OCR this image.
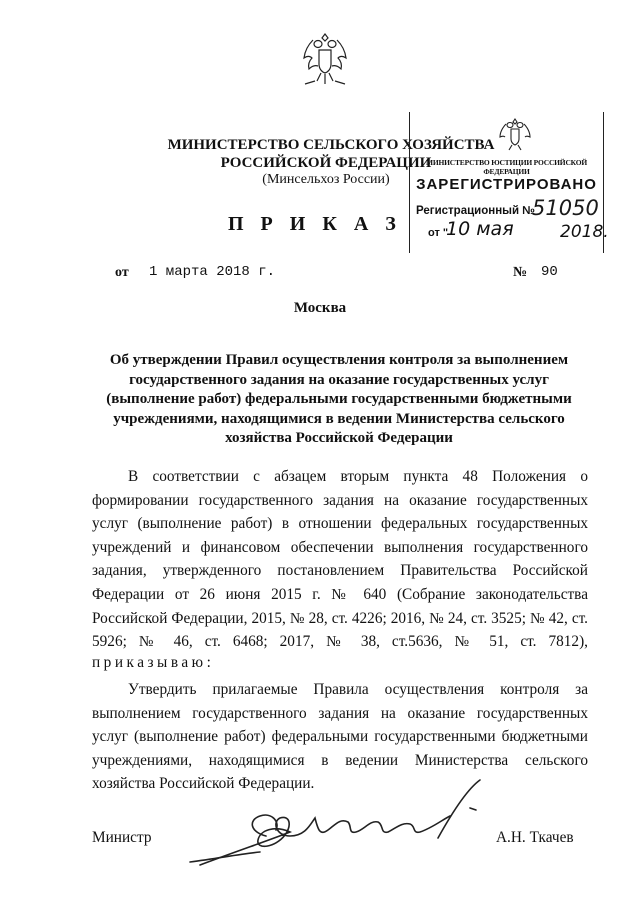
МИНИСТЕРСТВО СЕЛЬСКОГО ХОЗЯЙСТВА
РОССИЙСКОЙ ФЕДЕРАЦИИ
(Минсельхоз России)
МИНИСТЕРСТВО ЮСТИЦИИ РОССИЙСКОЙ ФЕДЕРАЦИИ
ЗАРЕГИСТРИРОВАНО
Регистрационный №
51050
от "
10 мая	2018.
П Р И К А З
от 1 марта 2018 г.	№ 90
Москва
Об утверждении Правил осуществления контроля за выполнением государственного задания на оказание государственных услуг (выполнение работ) федеральными государственными бюджетными учреждениями, находящимися в ведении Министерства сельского хозяйства Российской Федерации
В соответствии с абзацем вторым пункта 48 Положения о формировании государственного задания на оказание государственных услуг (выполнение работ) в отношении федеральных государственных учреждений и финансовом обеспечении выполнения государственного задания, утвержденного постановлением Правительства Российской Федерации от 26 июня 2015 г. № 640 (Собрание законодательства Российской Федерации, 2015, № 28, ст. 4226; 2016, № 24, ст. 3525; № 42, ст. 5926; № 46, ст. 6468; 2017, № 38, ст.5636, № 51, ст. 7812),
приказываю:
Утвердить прилагаемые Правила осуществления контроля за выполнением государственного задания на оказание государственных услуг (выполнение работ) федеральными государственными бюджетными учреждениями, находящимися в ведении Министерства сельского хозяйства Российской Федерации.
Министр	А.Н. Ткачев
